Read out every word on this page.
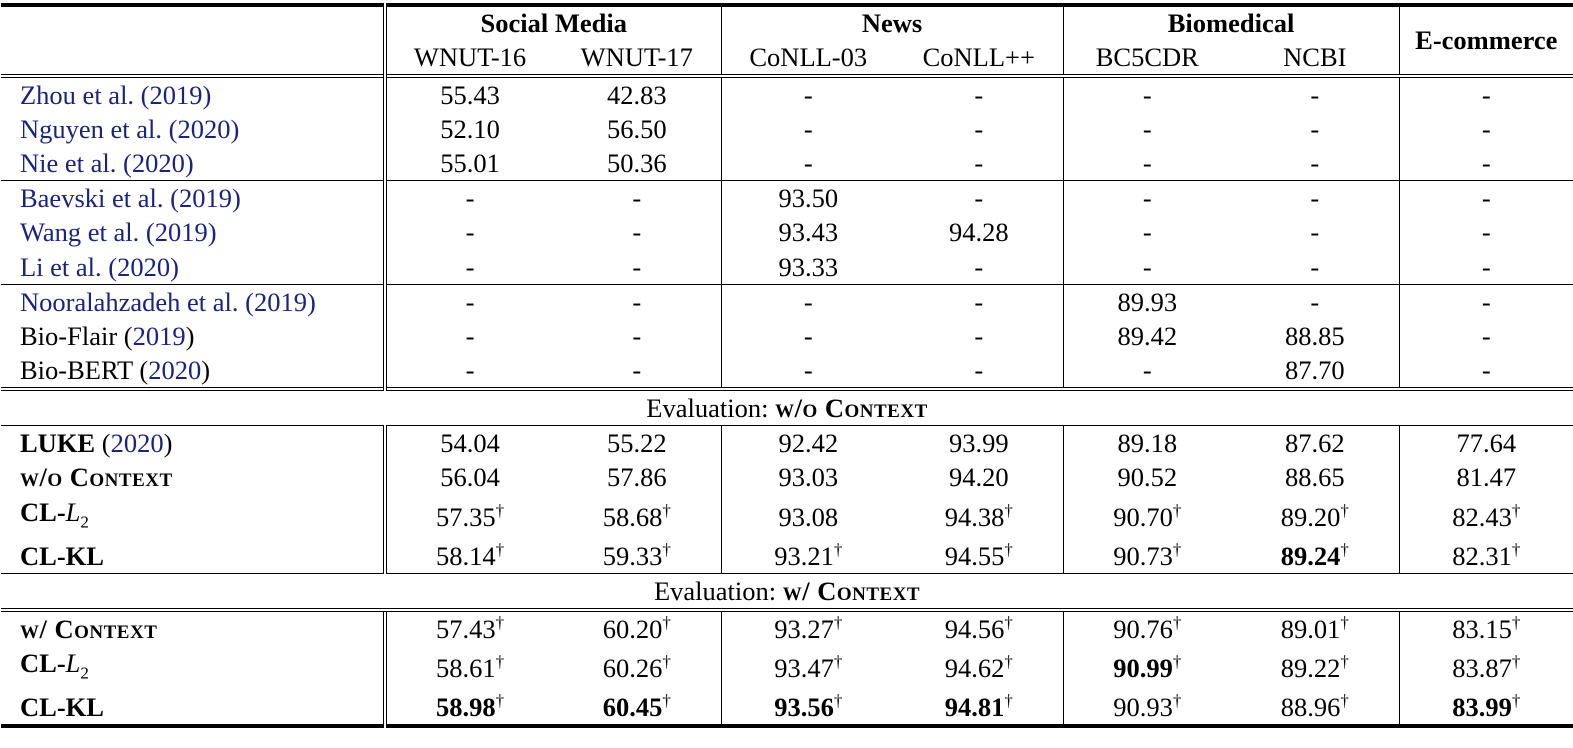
	Social Media		News		Biomedical		E-commerce
	WNUT-16	WNUT-17	CoNLL-03	CoNLL++	BC5CDR	NCBI	
Zhou et al. (2019)	55.43	42.83	-	-	-	-	-
Nguyen et al. (2020)	52.10	56.50	-	-	-	-	-
Nie et al. (2020)	55.01	50.36	-	-	-	-	-
Baevski et al. (2019)	-	-	93.50	-	-	-	-
Wang et al. (2019)	-	-	93.43	94.28	-	-	-
Li et al. (2020)	-	-	93.33	-	-	-	-
Nooralahzadeh et al. (2019)	-	-	-	-	89.93	-	-
Bio-Flair (2019)	-	-	-	-	89.42	88.85	-
Bio-BERT (2020)	-	-	-	-	-	87.70	-
Evaluation: w/o Context							
LUKE (2020)	54.04	55.22	92.42	93.99	89.18	87.62	77.64
w/o Context	56.04	57.86	93.03	94.20	90.52	88.65	81.47
$CL-L_2$	57.35†	58.68†	93.08	94.38†	90.70†	89.20†	82.43†
CL-KL	58.14†	59.33†	93.21†	94.55†	90.73†	89.24†	82.31†
Evaluation: w/ Context							
w/ Context	57.43†	60.20†	93.27†	94.56†	90.76†	89.01†	83.15†
$CL-L_2$	58.61†	60.26†	93.47†	94.62†	90.99†	89.22†	83.87†
CL-KL	58.98†	60.45†	93.56†	94.81†	90.93†	88.96†	83.99†
